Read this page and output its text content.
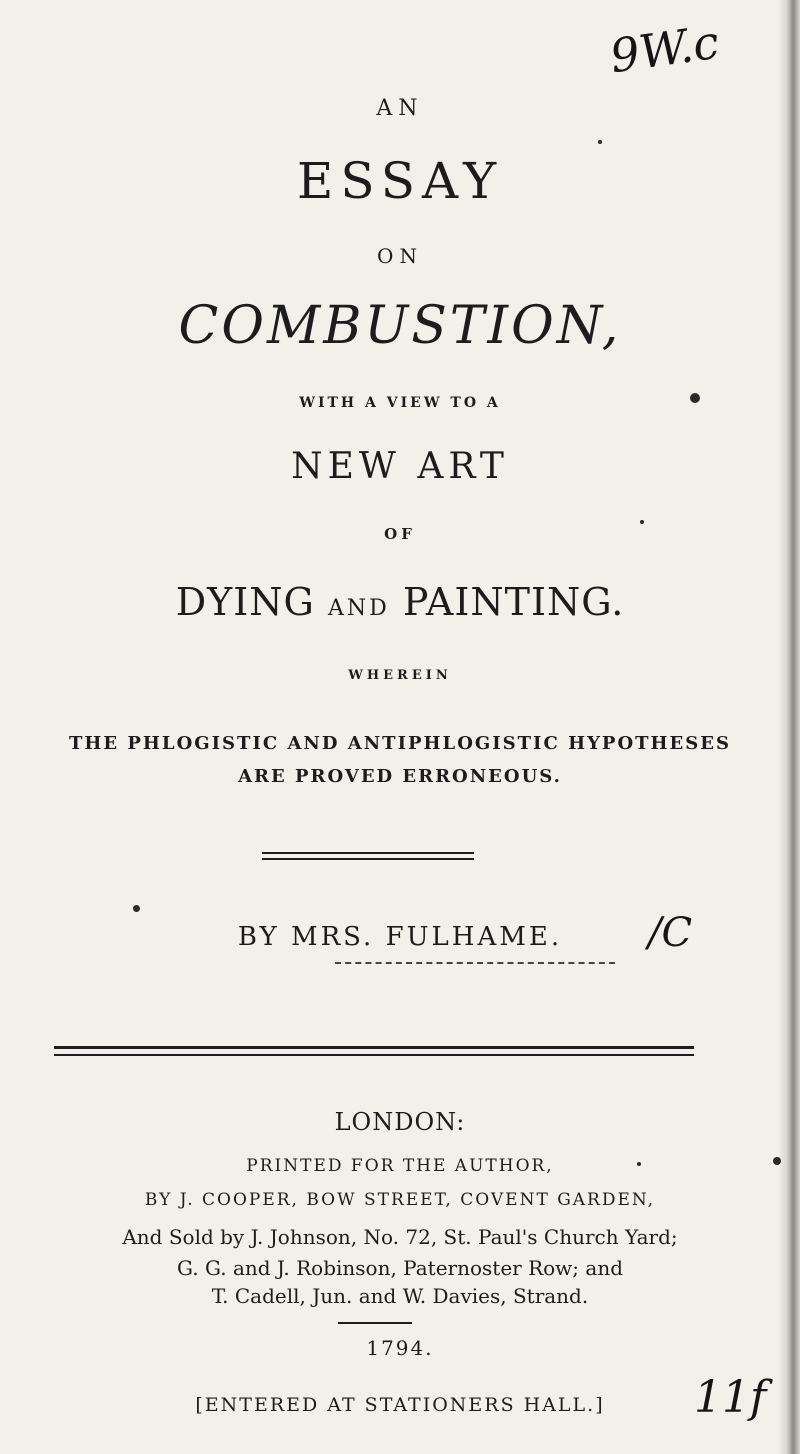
9W.c
AN
ESSAY
ON
COMBUSTION,
WITH A VIEW TO A
NEW ART
OF
DYING AND PAINTING.
WHEREIN
THE PHLOGISTIC AND ANTIPHLOGISTIC HYPOTHESES
ARE PROVED ERRONEOUS.
BY MRS. FULHAME.	/C
LONDON:
PRINTED FOR THE AUTHOR,
BY J. COOPER, BOW STREET, COVENT GARDEN,
And Sold by J. Johnson, No. 72, St. Paul's Church Yard;
G. G. and J. Robinson, Paternoster Row; and
T. Cadell, Jun. and W. Davies, Strand.
1794.
[ENTERED AT STATIONERS HALL.]	11f
